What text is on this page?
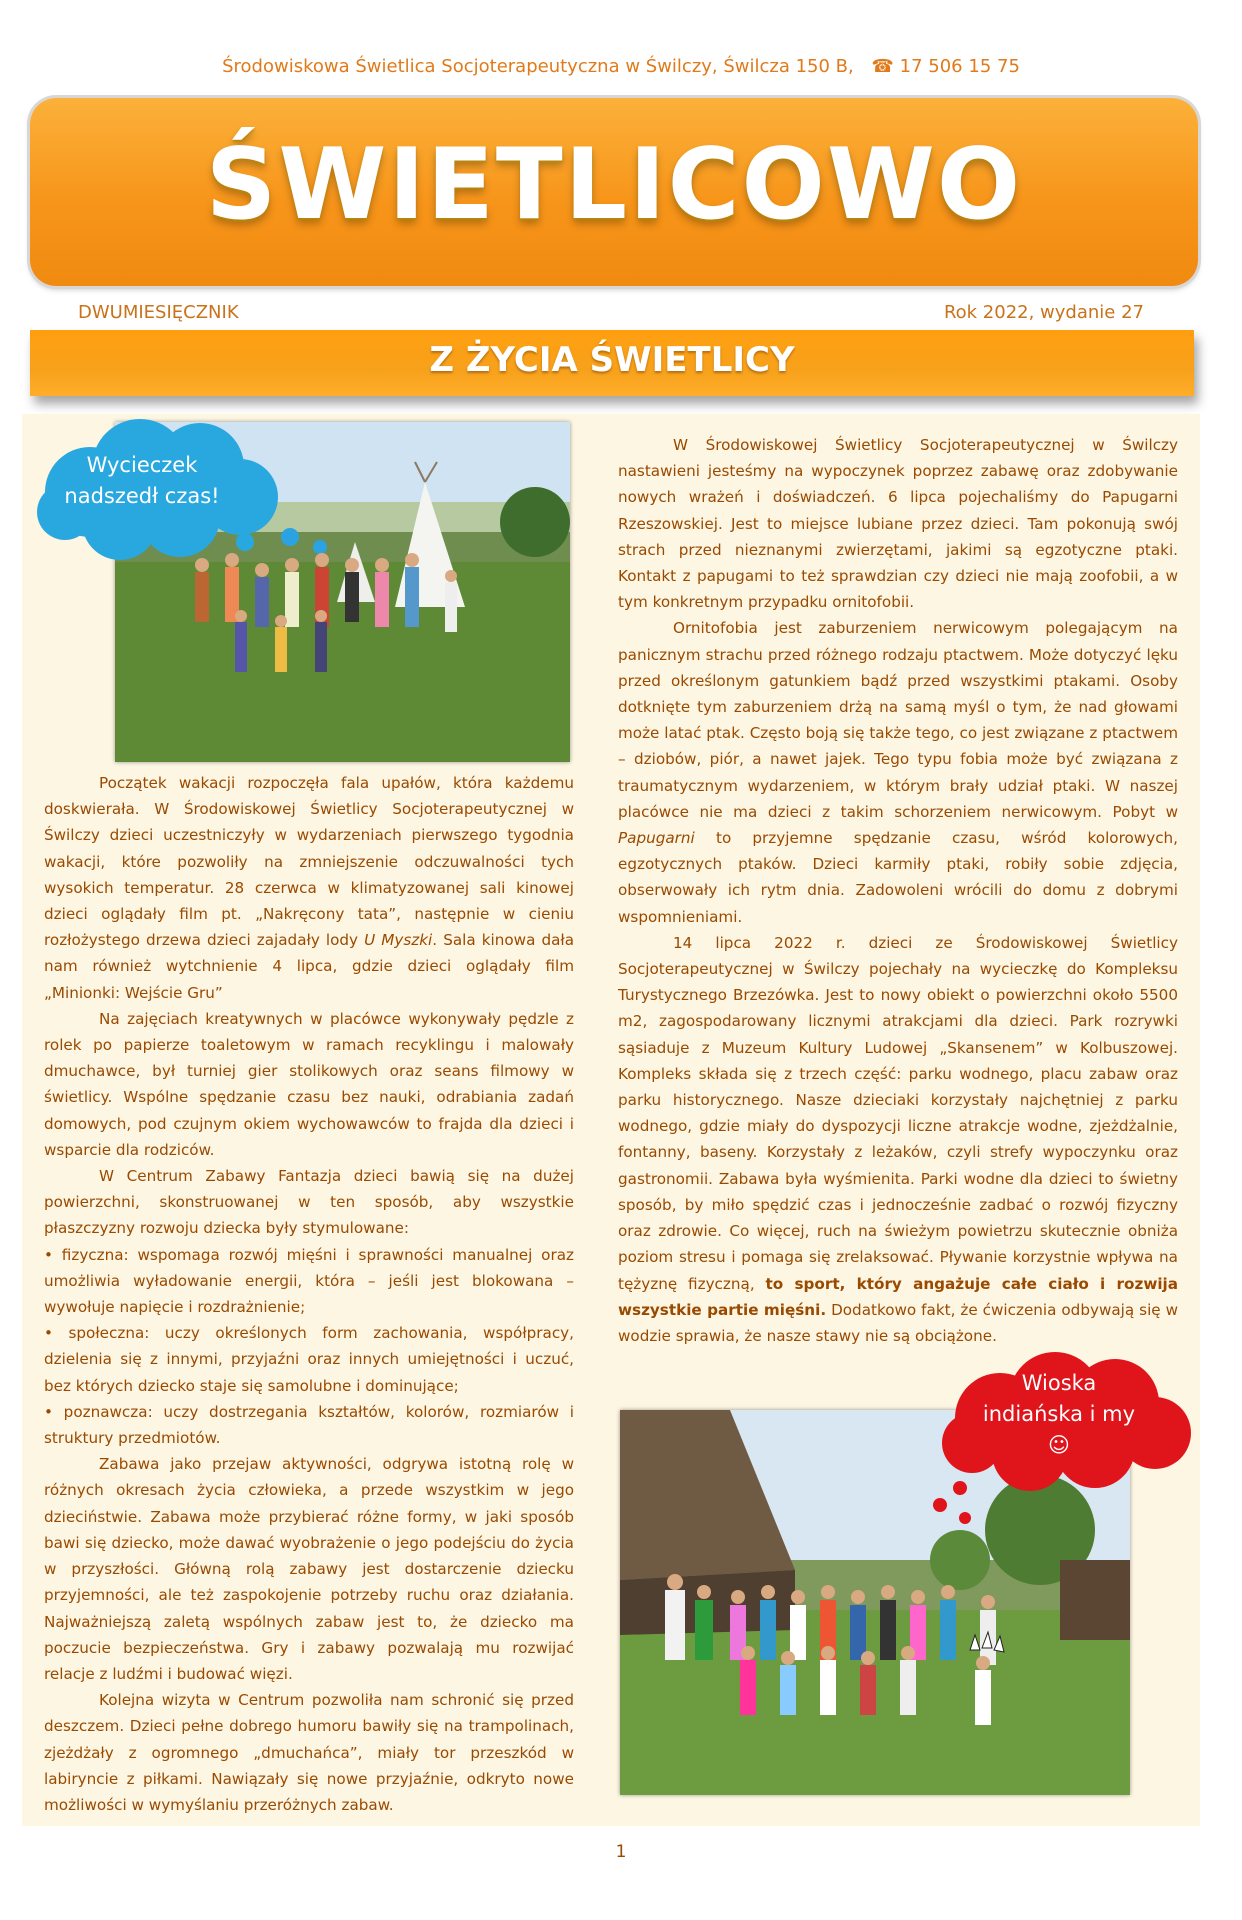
Środowiskowa Świetlica Socjoterapeutyczna w Świlczy, Świlcza 150 B, ☎ 17 506 15 75
ŚWIETLICOWO
DWUMIESIĘCZNIK	Rok 2022, wydanie 27
Z ŻYCIA ŚWIETLICY
Wycieczek
nadszedł czas!

Początek wakacji rozpoczęła fala upałów, która każdemu doskwierała. W Środowiskowej Świetlicy Socjoterapeutycznej w Świlczy dzieci uczestniczyły w wydarzeniach pierwszego tygodnia wakacji, które pozwoliły na zmniejszenie odczuwalności tych wysokich temperatur. 28 czerwca w klimatyzowanej sali kinowej dzieci oglądały film pt. „Nakręcony tata”, następnie w cieniu rozłożystego drzewa dzieci zajadały lody U Myszki. Sala kinowa dała nam również wytchnienie 4 lipca, gdzie dzieci oglądały film „Minionki: Wejście Gru”

Na zajęciach kreatywnych w placówce wykonywały pędzle z rolek po papierze toaletowym w ramach recyklingu i malowały dmuchawce, był turniej gier stolikowych oraz seans filmowy w świetlicy. Wspólne spędzanie czasu bez nauki, odrabiania zadań domowych, pod czujnym okiem wychowawców to frajda dla dzieci i wsparcie dla rodziców.

W Centrum Zabawy Fantazja dzieci bawią się na dużej powierzchni, skonstruowanej w ten sposób, aby wszystkie płaszczyzny rozwoju dziecka były stymulowane:

• fizyczna: wspomaga rozwój mięśni i sprawności manualnej oraz umożliwia wyładowanie energii, która – jeśli jest blokowana – wywołuje napięcie i rozdrażnienie;

• społeczna: uczy określonych form zachowania, współpracy, dzielenia się z innymi, przyjaźni oraz innych umiejętności i uczuć, bez których dziecko staje się samolubne i dominujące;

• poznawcza: uczy dostrzegania kształtów, kolorów, rozmiarów i struktury przedmiotów.

Zabawa jako przejaw aktywności, odgrywa istotną rolę w różnych okresach życia człowieka, a przede wszystkim w jego dzieciństwie. Zabawa może przybierać różne formy, w jaki sposób bawi się dziecko, może dawać wyobrażenie o jego podejściu do życia w przyszłości. Główną rolą zabawy jest dostarczenie dziecku przyjemności, ale też zaspokojenie potrzeby ruchu oraz działania. Najważniejszą zaletą wspólnych zabaw jest to, że dziecko ma poczucie bezpieczeństwa. Gry i zabawy pozwalają mu rozwijać relacje z ludźmi i budować więzi.

Kolejna wizyta w Centrum pozwoliła nam schronić się przed deszczem. Dzieci pełne dobrego humoru bawiły się na trampolinach, zjeżdżały z ogromnego „dmuchańca”, miały tor przeszkód w labiryncie z piłkami. Nawiązały się nowe przyjaźnie, odkryto nowe możliwości w wymyślaniu przeróżnych zabaw.

W Środowiskowej Świetlicy Socjoterapeutycznej w Świlczy nastawieni jesteśmy na wypoczynek poprzez zabawę oraz zdobywanie nowych wrażeń i doświadczeń. 6 lipca pojechaliśmy do Papugarni Rzeszowskiej. Jest to miejsce lubiane przez dzieci. Tam pokonują swój strach przed nieznanymi zwierzętami, jakimi są egzotyczne ptaki. Kontakt z papugami to też sprawdzian czy dzieci nie mają zoofobii, a w tym konkretnym przypadku ornitofobii.

Ornitofobia jest zaburzeniem nerwicowym polegającym na panicznym strachu przed różnego rodzaju ptactwem. Może dotyczyć lęku przed określonym gatunkiem bądź przed wszystkimi ptakami. Osoby dotknięte tym zaburzeniem drżą na samą myśl o tym, że nad głowami może latać ptak. Często boją się także tego, co jest związane z ptactwem – dziobów, piór, a nawet jajek. Tego typu fobia może być związana z traumatycznym wydarzeniem, w którym brały udział ptaki. W naszej placówce nie ma dzieci z takim schorzeniem nerwicowym. Pobyt w Papugarni to przyjemne spędzanie czasu, wśród kolorowych, egzotycznych ptaków. Dzieci karmiły ptaki, robiły sobie zdjęcia, obserwowały ich rytm dnia. Zadowoleni wrócili do domu z dobrymi wspomnieniami.

14 lipca 2022 r. dzieci ze Środowiskowej Świetlicy Socjoterapeutycznej w Świlczy pojechały na wycieczkę do Kompleksu Turystycznego Brzezówka. Jest to nowy obiekt o powierzchni około 5500 m2, zagospodarowany licznymi atrakcjami dla dzieci. Park rozrywki sąsiaduje z Muzeum Kultury Ludowej „Skansenem” w Kolbuszowej. Kompleks składa się z trzech część: parku wodnego, placu zabaw oraz parku historycznego. Nasze dzieciaki korzystały najchętniej z parku wodnego, gdzie miały do dyspozycji liczne atrakcje wodne, zjeżdżalnie, fontanny, baseny. Korzystały z leżaków, czyli strefy wypoczynku oraz gastronomii. Zabawa była wyśmienita. Parki wodne dla dzieci to świetny sposób, by miło spędzić czas i jednocześnie zadbać o rozwój fizyczny oraz zdrowie. Co więcej, ruch na świeżym powietrzu skutecznie obniża poziom stresu i pomaga się zrelaksować. Pływanie korzystnie wpływa na tężyznę fizyczną, to sport, który angażuje całe ciało i rozwija wszystkie partie mięśni. Dodatkowo fakt, że ćwiczenia odbywają się w wodzie sprawia, że nasze stawy nie są obciążone.

Wioska
indiańska i my
☺
1
